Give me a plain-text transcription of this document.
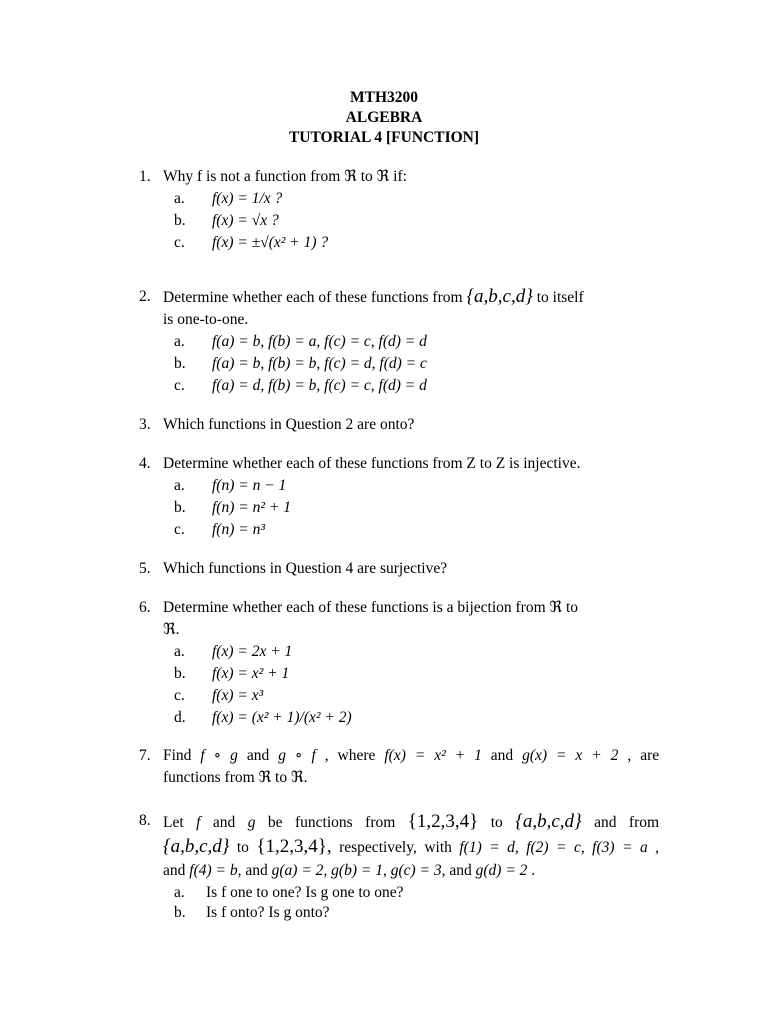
MTH3200
ALGEBRA
TUTORIAL 4 [FUNCTION]
1. Why f is not a function from ℜ to ℜ if:
a. f(x) = 1/x ?
b. f(x) = √x ?
c. f(x) = ±√(x² + 1) ?
2. Determine whether each of these functions from {a,b,c,d} to itself
is one-to-one.
a. f(a) = b, f(b) = a, f(c) = c, f(d) = d
b. f(a) = b, f(b) = b, f(c) = d, f(d) = c
c. f(a) = d, f(b) = b, f(c) = c, f(d) = d
3. Which functions in Question 2 are onto?
4. Determine whether each of these functions from Z to Z is injective.
a. f(n) = n − 1
b. f(n) = n² + 1
c. f(n) = n³
5. Which functions in Question 4 are surjective?
6. Determine whether each of these functions is a bijection from ℜ to
ℜ.
a. f(x) = 2x + 1
b. f(x) = x² + 1
c. f(x) = x³
d. f(x) = (x² + 1)/(x² + 2)
7. Find f ∘ g and g ∘ f , where f(x) = x² + 1 and g(x) = x + 2 , are
functions from ℜ to ℜ.
8. Let f and g be functions from {1,2,3,4} to {a,b,c,d} and from
{a,b,c,d} to {1,2,3,4}, respectively, with f(1) = d, f(2) = c, f(3) = a ,
and f(4) = b, and g(a) = 2, g(b) = 1, g(c) = 3, and g(d) = 2 .
a. Is f one to one? Is g one to one?
b. Is f onto? Is g onto?
